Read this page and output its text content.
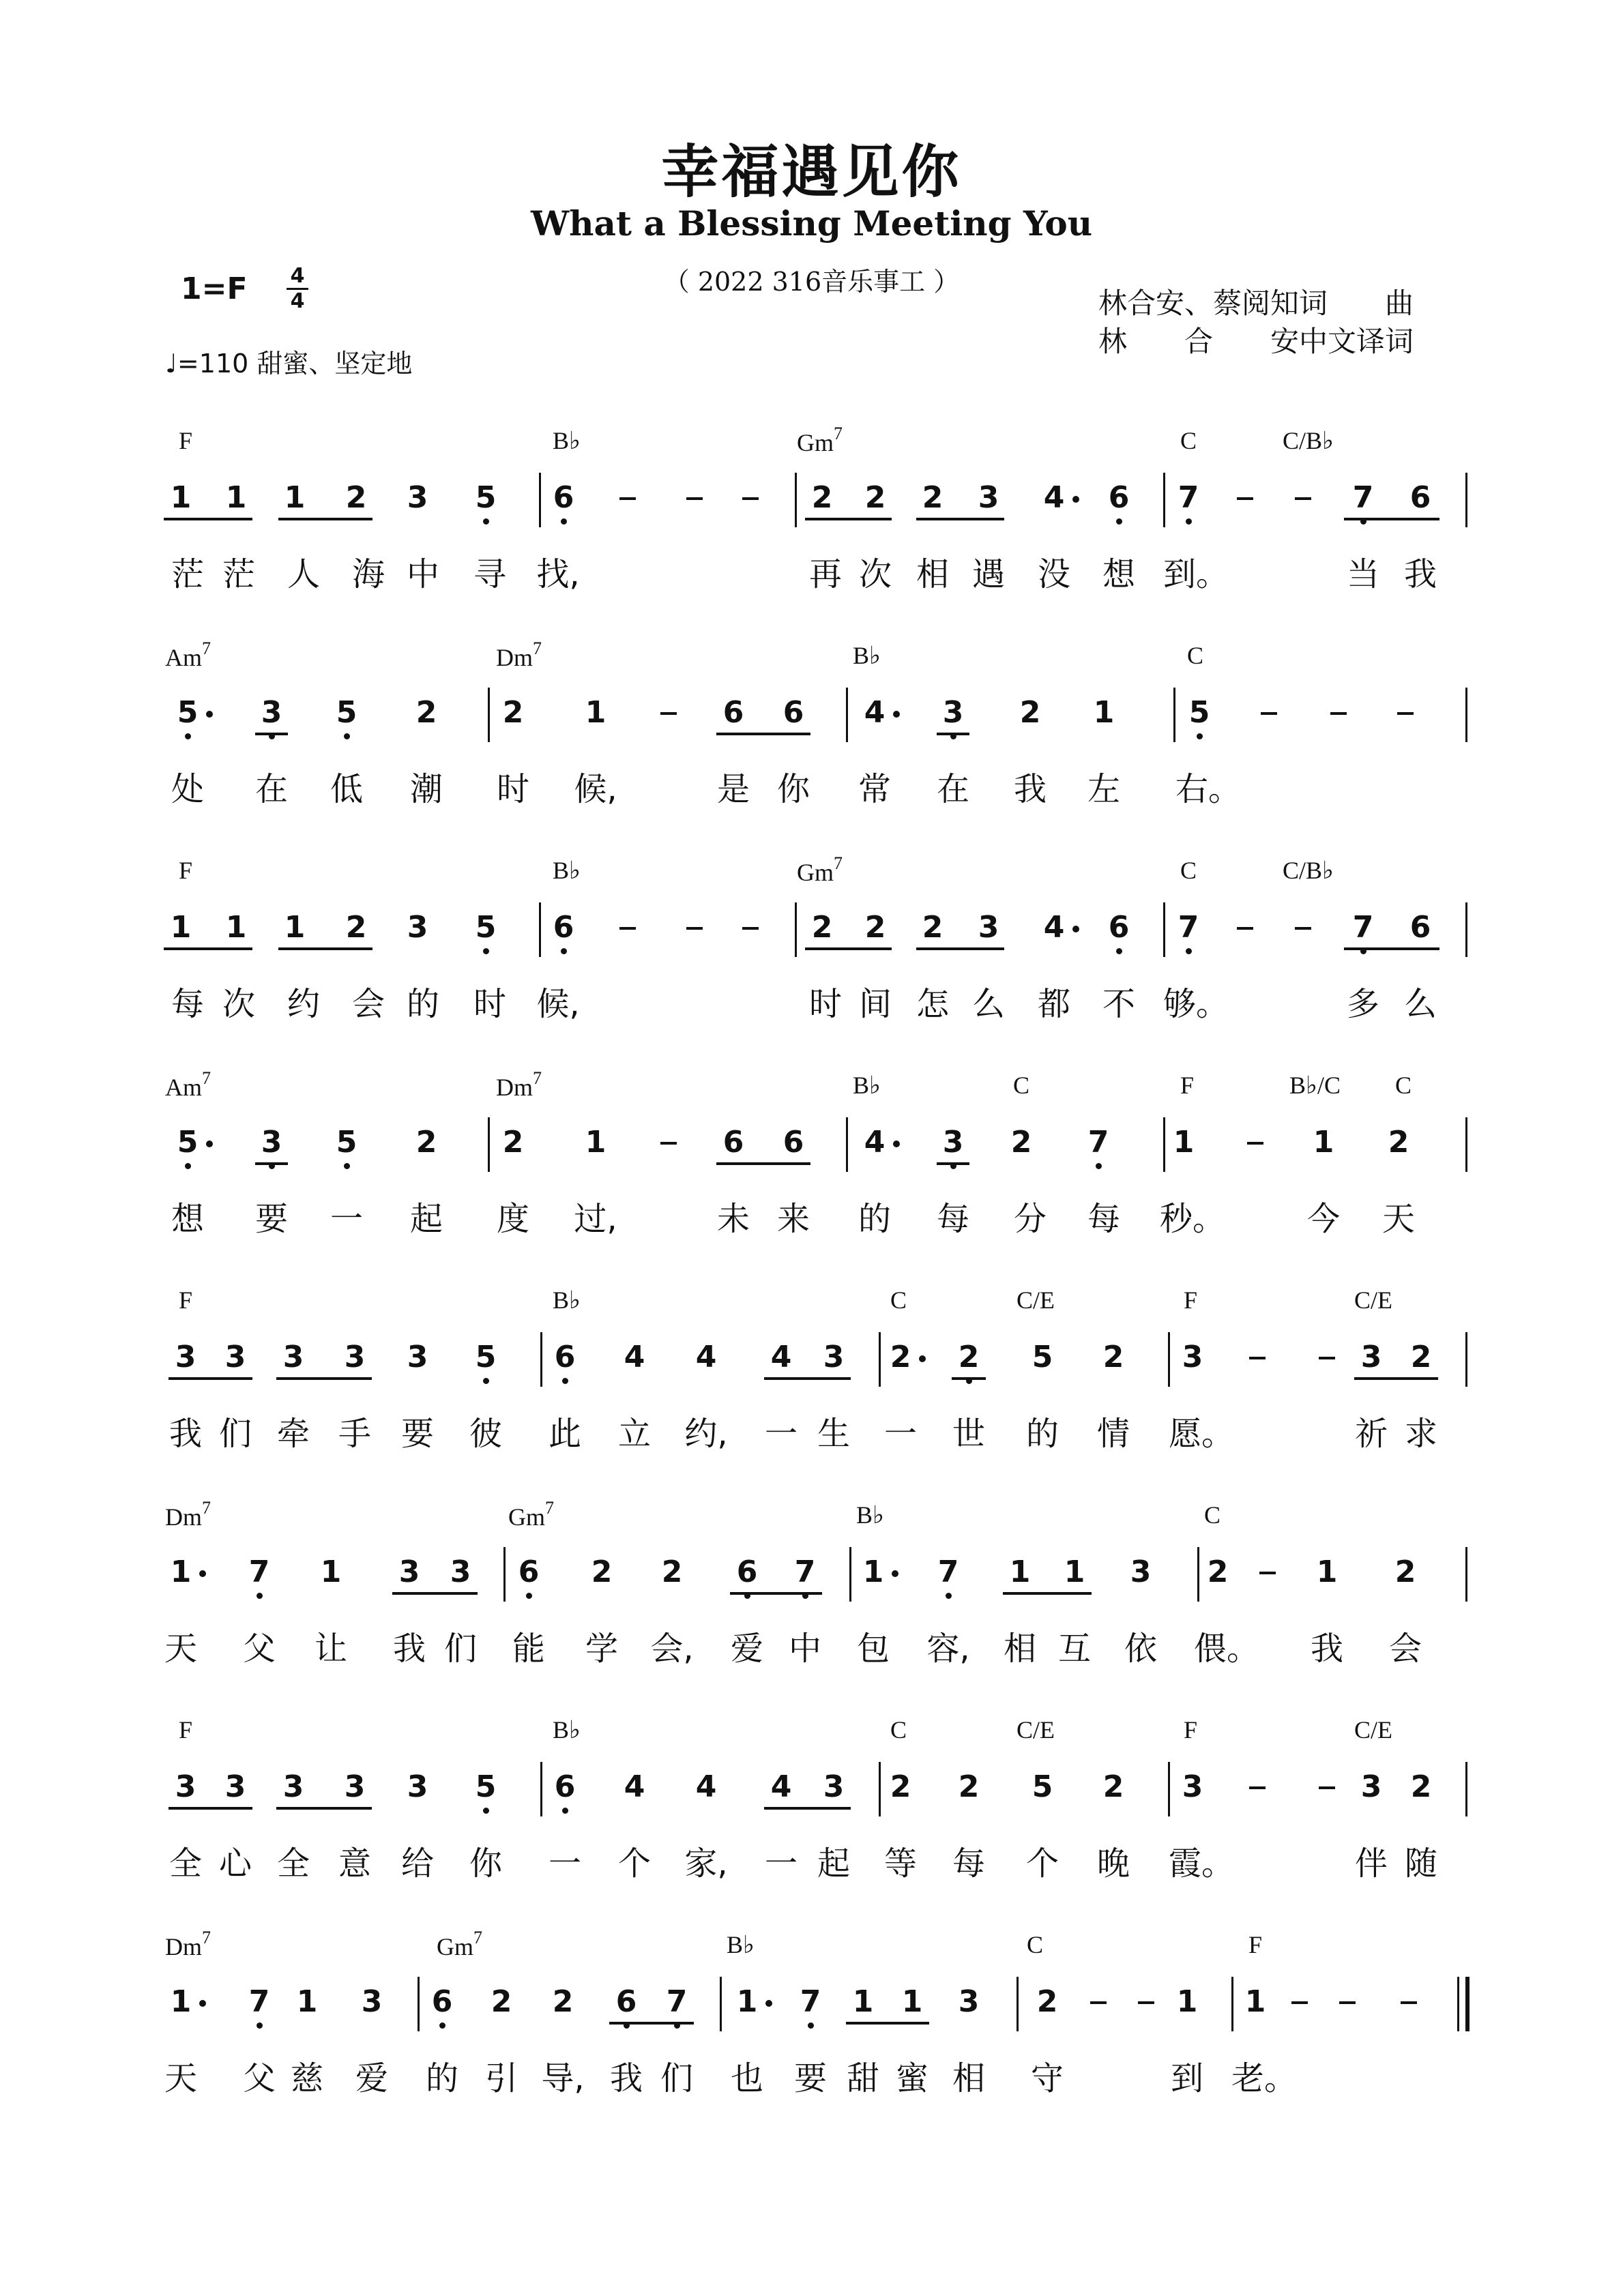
幸福遇见你
What a Blessing Meeting You
（ 2022 316音乐事工 ）
1=F	4
4
♩=110 甜蜜、坚定地
林合安、蔡阅知词　　曲
林　　合　　安中文译词
F	B♭	Gm$^7$	C	C/B♭
1	1	1	2	3	5	6	2	2	2	3	4	6	7	7	6
茫 茫 人 海 中 寻 找,	再 次 相 遇 没 想 到。	当 我
Am$^7$	Dm$^7$	B♭	C
5	3	5	2	2	1	6	6	4	3	2	1	5
处 在 低 潮 时 候,	是 你 常 在 我 左 右。
F	B♭	Gm$^7$	C	C/B♭
1	1	1	2	3	5	6	2	2	2	3	4	6	7	7	6
每 次 约 会 的 时 候,	时 间 怎 么 都 不 够。	多 么
Am$^7$	Dm$^7$	B♭	C	F	B♭/C C
5	3	5	2	2	1	6	6	4	3	2	7	1	1	2
想 要 一 起 度 过,	未 来 的 每 分 每 秒。 今 天
F	B♭	C	C/E	F	C/E
3 3	3	3	3	5	6	4	4	4	3	2	2	5	2	3	3 2
我 们 牵 手 要 彼 此 立 约, 一 生 一 世 的 情 愿。	祈 求
Dm$^7$	Gm$^7$	B♭	C
1	7	1	3	3	6	2	2	6	7	1	7	1	1	3	2	1	2
天 父 让 我 们 能 学 会, 爱 中 包 容, 相 互 依 偎。 我 会
F	B♭	C	C/E	F	C/E
3 3	3	3	3	5	6	4	4	4	3	2	2	5	2	3	3 2
全 心 全 意 给 你 一 个 家, 一 起 等 每 个 晚 霞。	伴 随
Dm$^7$	Gm$^7$	B♭	C	F
1	7 1	3	6	2	2	6 7	1	7	1 1	3	2	1	1
天 父 慈 爱 的 引 导, 我 们 也 要 甜 蜜 相 守	到 老。
